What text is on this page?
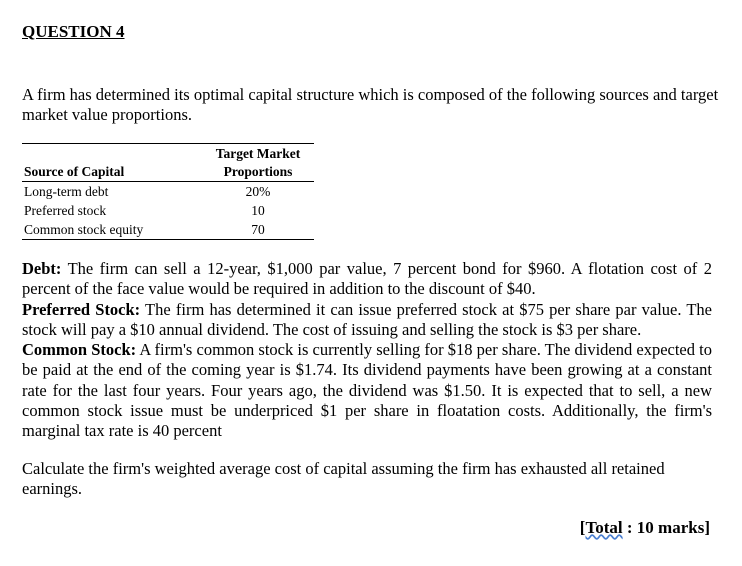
QUESTION 4
A firm has determined its optimal capital structure which is composed of the following sources and target market value proportions.
Source of Capital	Target Market
Proportions
Long-term debt	20%
Preferred stock	10
Common stock equity	70

Debt: The firm can sell a 12-year, $1,000 par value, 7 percent bond for $960. A flotation cost of 2 percent of the face value would be required in addition to the discount of $40.

Preferred Stock: The firm has determined it can issue preferred stock at $75 per share par value. The stock will pay a $10 annual dividend. The cost of issuing and selling the stock is $3 per share.

Common Stock: A firm's common stock is currently selling for $18 per share. The dividend expected to be paid at the end of the coming year is $1.74. Its dividend payments have been growing at a constant rate for the last four years. Four years ago, the dividend was $1.50. It is expected that to sell, a new common stock issue must be underpriced $1 per share in floatation costs. Additionally, the firm's marginal tax rate is 40 percent

Calculate the firm's weighted average cost of capital assuming the firm has exhausted all retained earnings.
[Total : 10 marks]
